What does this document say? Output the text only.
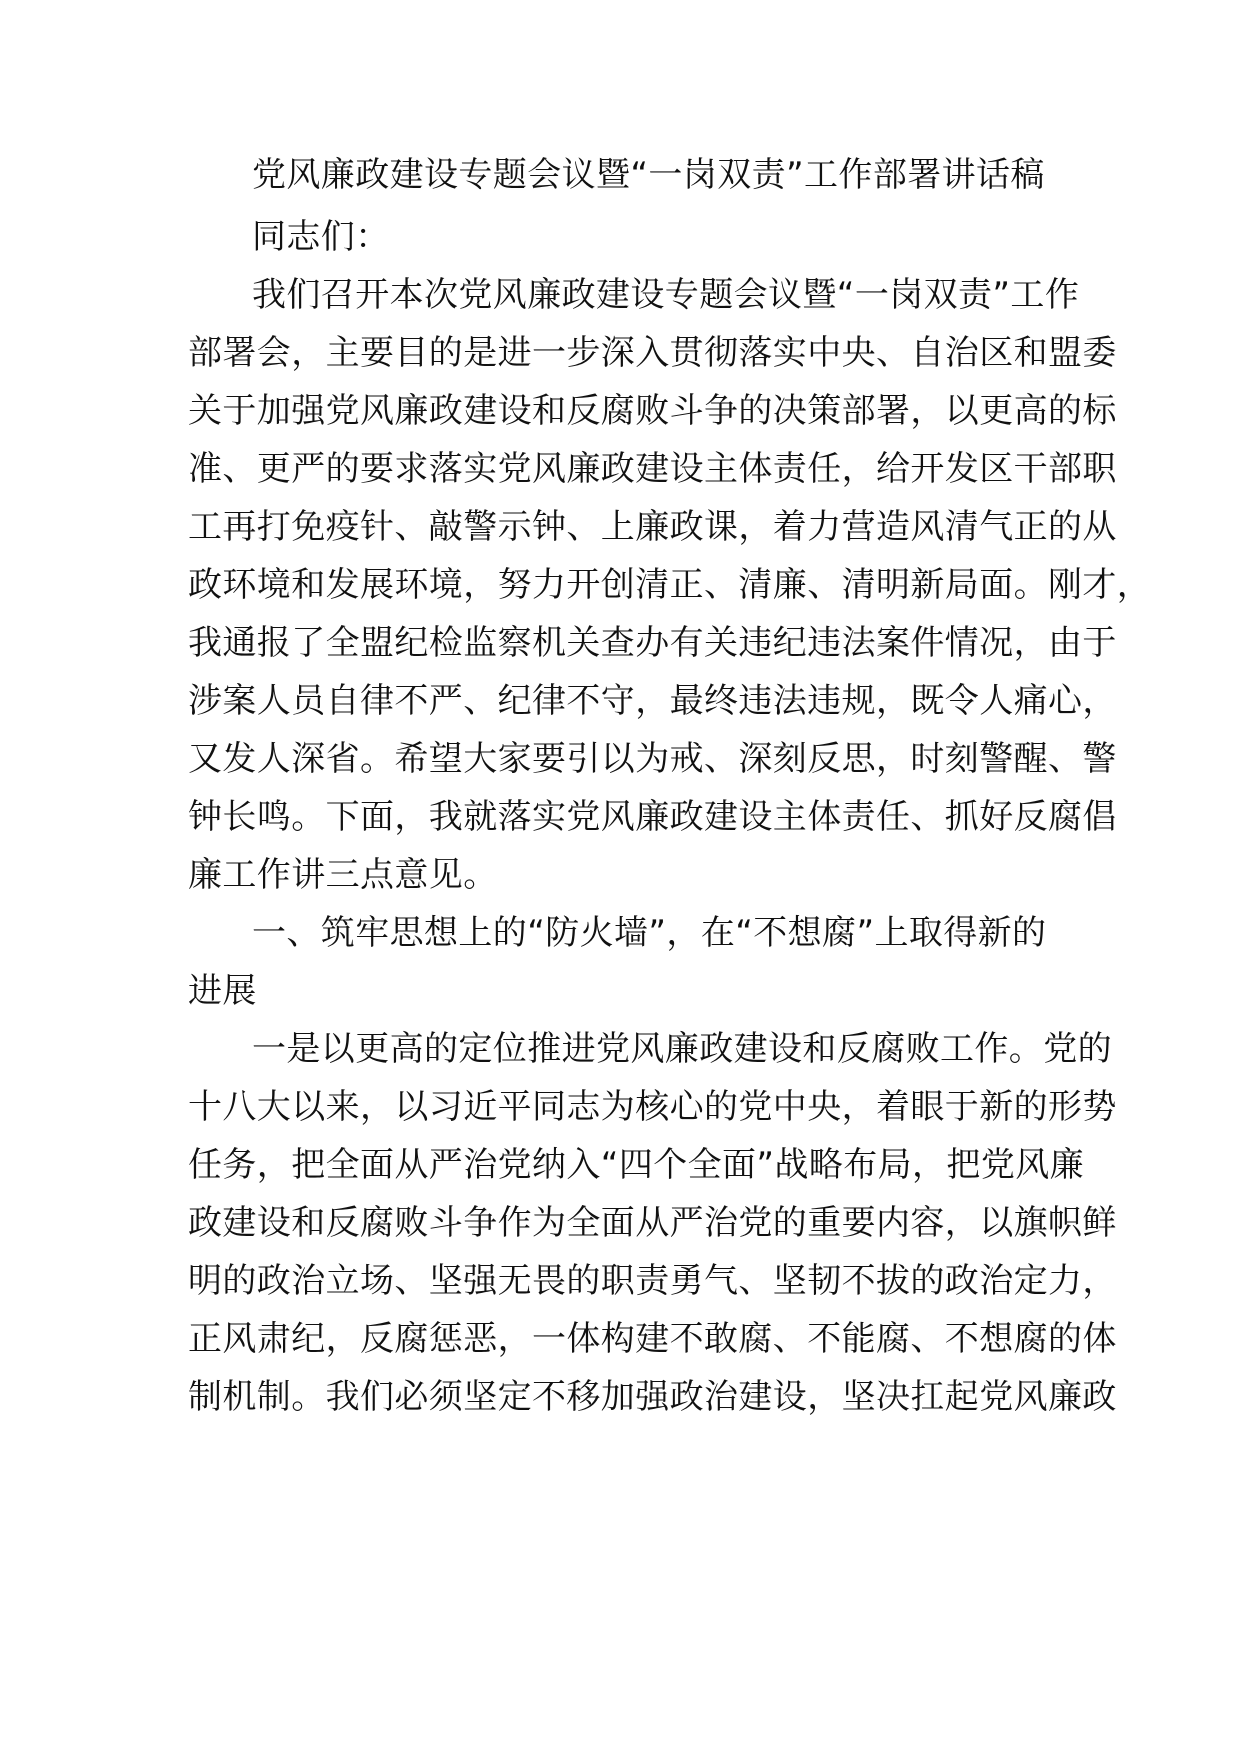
党风廉政建设专题会议暨“一岗双责”工作部署讲话稿
同志们：
我们召开本次党风廉政建设专题会议暨“一岗双责”工作
部署会，主要目的是进一步深入贯彻落实中央、自治区和盟委
关于加强党风廉政建设和反腐败斗争的决策部署，以更高的标
准、更严的要求落实党风廉政建设主体责任，给开发区干部职
工再打免疫针、敲警示钟、上廉政课，着力营造风清气正的从
政环境和发展环境，努力开创清正、清廉、清明新局面。刚才，
我通报了全盟纪检监察机关查办有关违纪违法案件情况，由于
涉案人员自律不严、纪律不守，最终违法违规，既令人痛心，
又发人深省。希望大家要引以为戒、深刻反思，时刻警醒、警
钟长鸣。下面，我就落实党风廉政建设主体责任、抓好反腐倡
廉工作讲三点意见。
一、筑牢思想上的“防火墙”，在“不想腐”上取得新的
进展
一是以更高的定位推进党风廉政建设和反腐败工作。党的
十八大以来，以习近平同志为核心的党中央，着眼于新的形势
任务，把全面从严治党纳入“四个全面”战略布局，把党风廉
政建设和反腐败斗争作为全面从严治党的重要内容，以旗帜鲜
明的政治立场、坚强无畏的职责勇气、坚韧不拔的政治定力，
正风肃纪，反腐惩恶，一体构建不敢腐、不能腐、不想腐的体
制机制。我们必须坚定不移加强政治建设，坚决扛起党风廉政
